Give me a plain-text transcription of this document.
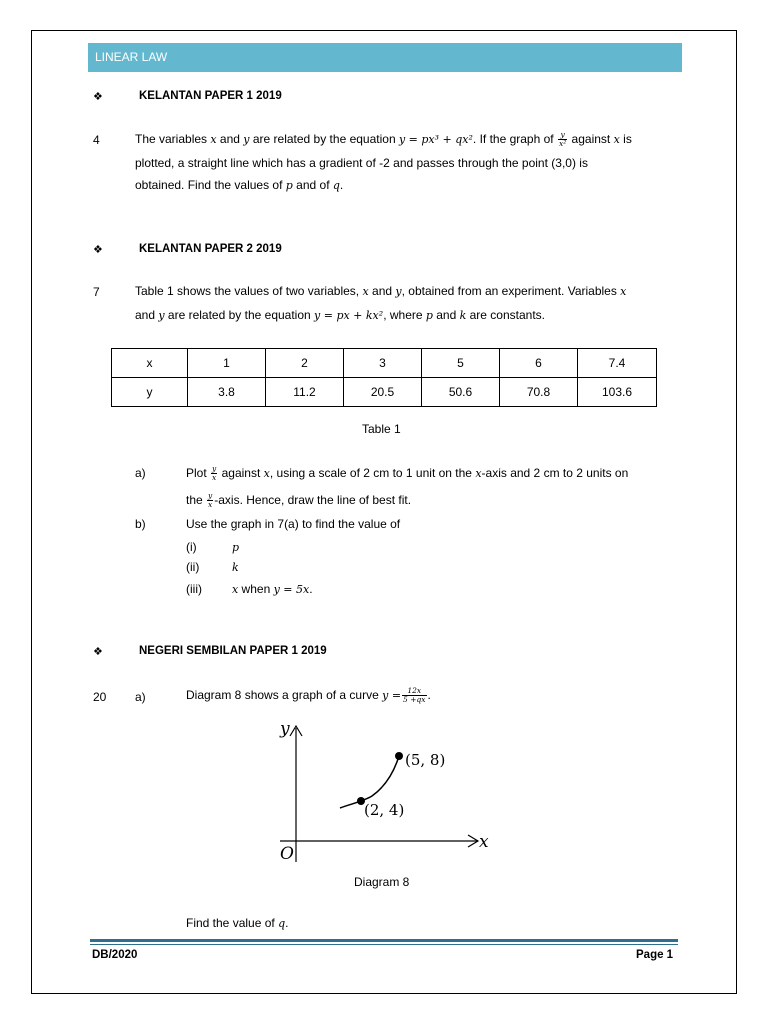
LINEAR LAW
❖	KELANTAN PAPER 1 2019
4	The variables x and y are related by the equation y = px³ + qx². If the graph of $\frac{y}{\text{x²}}$ against x is
plotted, a straight line which has a gradient of -2 and passes through the point (3,0) is
obtained. Find the values of p and of q.
❖	KELANTAN PAPER 2 2019
7	Table 1 shows the values of two variables, x and y, obtained from an experiment. Variables x
and y are related by the equation y = px + kx², where p and k are constants.
x	1	2	3	5	6	7.4
y	3.8	11.2	20.5	50.6	70.8	103.6
Table 1
a)	Plot $\frac{y}{x}$ against x, using a scale of 2 cm to 1 unit on the x-axis and 2 cm to 2 units on
the $\frac{y}{x}$ -axis. Hence, draw the line of best fit.
b)	Use the graph in 7(a) to find the value of
(i)	p
(ii)	k
(iii)	x when y = 5x.
❖	NEGERI SEMBILAN PAPER 1 2019
20 a)	Diagram 8 shows a graph of a curve $y = \frac{12x}{5 +qx}$ .
y
x
O
(5, 8)
(2, 4)
Diagram 8
Find the value of q.
DB/2020	Page 1
